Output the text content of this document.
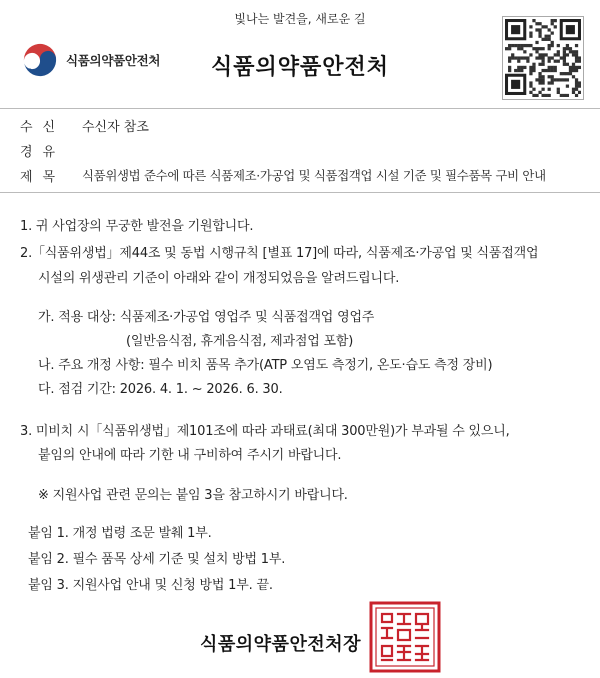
빛나는 발견을, 새로운 길
식품의약품안전처	식품의약품안전처
수신	수신자 참조
경유
제목	식품위생법 준수에 따른 식품제조·가공업 및 식품접객업 시설 기준 및 필수품목 구비 안내
1. 귀 사업장의 무궁한 발전을 기원합니다.
2.「식품위생법」제44조 및 동법 시행규칙 [별표 17]에 따라, 식품제조·가공업 및 식품접객업
시설의 위생관리 기준이 아래와 같이 개정되었음을 알려드립니다.
가. 적용 대상: 식품제조·가공업 영업주 및 식품접객업 영업주
(일반음식점, 휴게음식점, 제과점업 포함)
나. 주요 개정 사항: 필수 비치 품목 추가(ATP 오염도 측정기, 온도·습도 측정 장비)
다. 점검 기간: 2026. 4. 1. ~ 2026. 6. 30.
3. 미비치 시「식품위생법」제101조에 따라 과태료(최대 300만원)가 부과될 수 있으니,
붙임의 안내에 따라 기한 내 구비하여 주시기 바랍니다.
※ 지원사업 관련 문의는 붙임 3을 참고하시기 바랍니다.
붙임 1. 개정 법령 조문 발췌 1부.
붙임 2. 필수 품목 상세 기준 및 설치 방법 1부.
붙임 3. 지원사업 안내 및 신청 방법 1부. 끝.
식품의약품안전처장
